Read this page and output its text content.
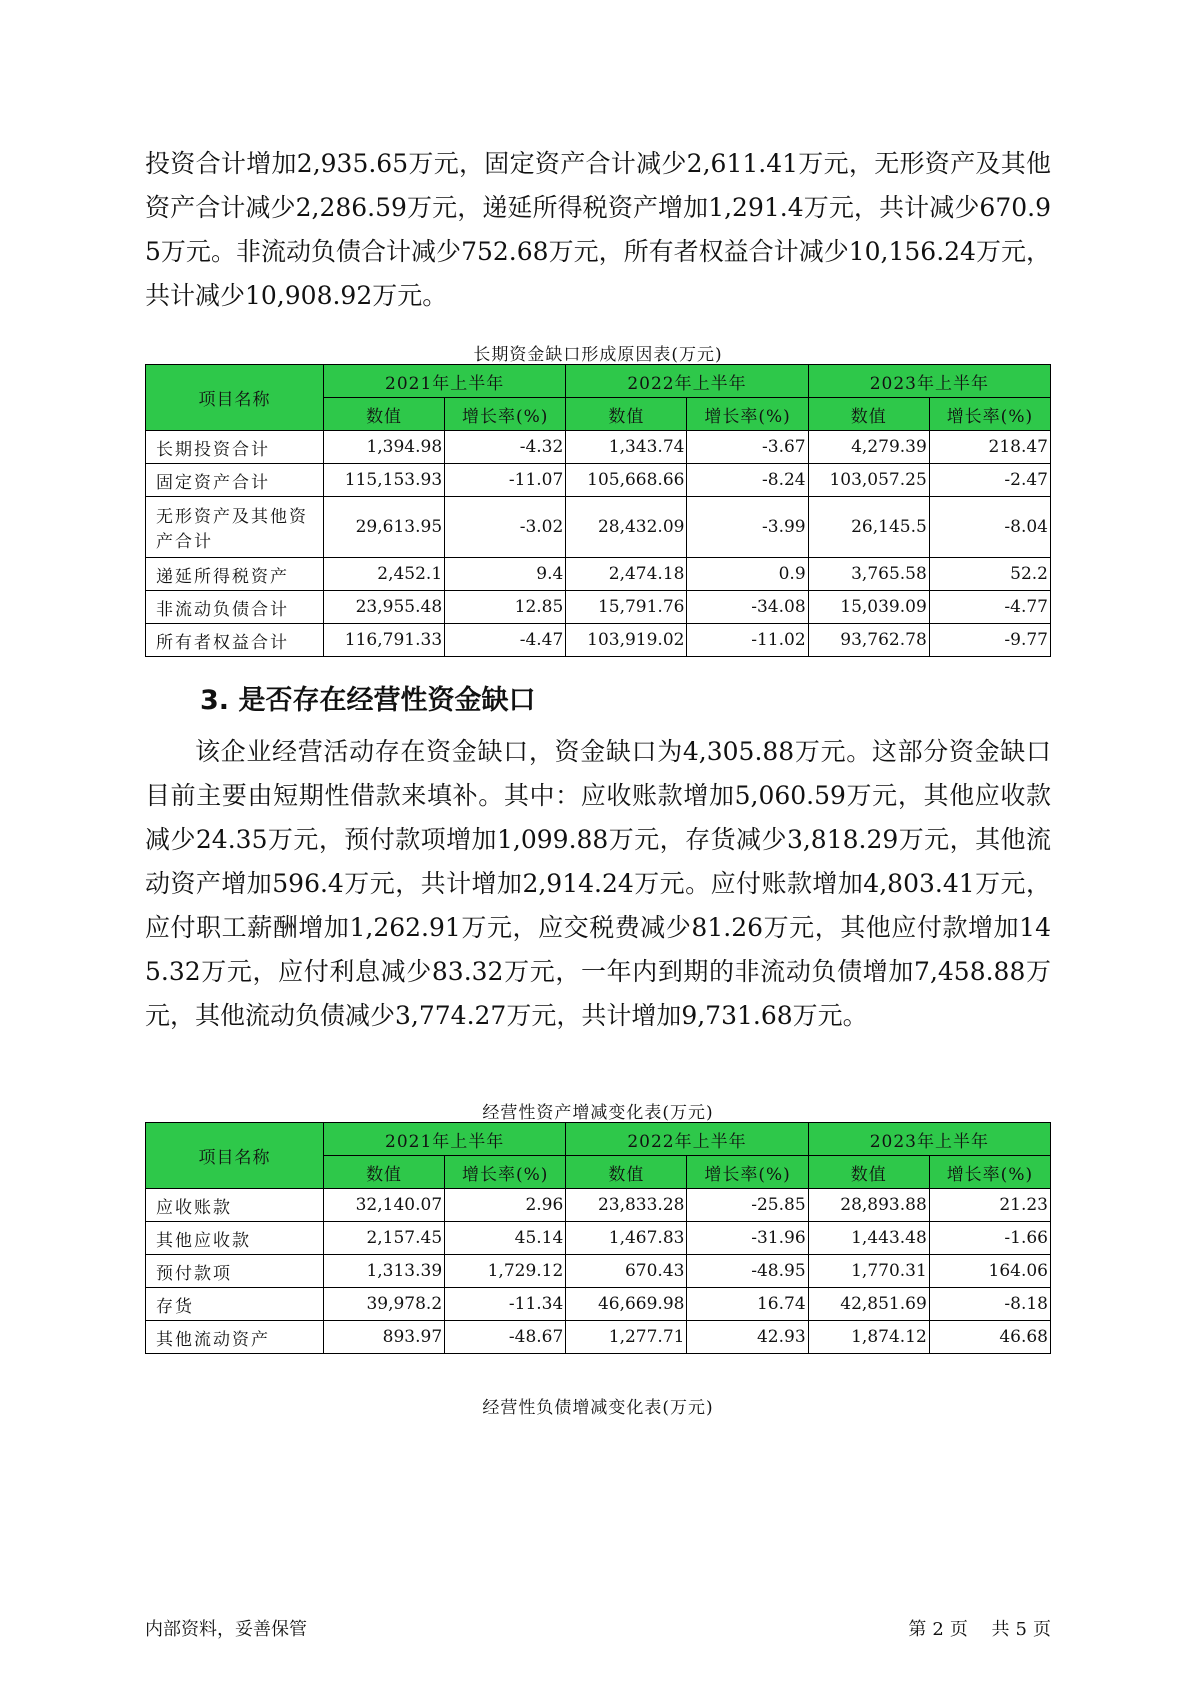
投资合计增加2,935.65万元，固定资产合计减少2,611.41万元，无形资产及其他资产合计减少2,286.59万元，递延所得税资产增加1,291.4万元，共计减少670.95万元。非流动负债合计减少752.68万元，所有者权益合计减少10,156.24万元，共计减少10,908.92万元。

长期资金缺口形成原因表(万元)
项目名称	2021年上半年		2022年上半年		2023年上半年	
	数值	增长率(%)	数值	增长率(%)	数值	增长率(%)
长期投资合计	1,394.98	-4.32	1,343.74	-3.67	4,279.39	218.47
固定资产合计	115,153.93	-11.07	105,668.66	-8.24	103,057.25	-2.47
无形资产及其他资产合计	29,613.95	-3.02	28,432.09	-3.99	26,145.5	-8.04
递延所得税资产	2,452.1	9.4	2,474.18	0.9	3,765.58	52.2
非流动负债合计	23,955.48	12.85	15,791.76	-34.08	15,039.09	-4.77
所有者权益合计	116,791.33	-4.47	103,919.02	-11.02	93,762.78	-9.77
3. 是否存在经营性资金缺口

该企业经营活动存在资金缺口，资金缺口为4,305.88万元。这部分资金缺口目前主要由短期性借款来填补。其中：应收账款增加5,060.59万元，其他应收款减少24.35万元，预付款项增加1,099.88万元，存货减少3,818.29万元，其他流动资产增加596.4万元，共计增加2,914.24万元。应付账款增加4,803.41万元，应付职工薪酬增加1,262.91万元，应交税费减少81.26万元，其他应付款增加145.32万元，应付利息减少83.32万元，一年内到期的非流动负债增加7,458.88万元，其他流动负债减少3,774.27万元，共计增加9,731.68万元。

经营性资产增减变化表(万元)
项目名称	2021年上半年		2022年上半年		2023年上半年	
	数值	增长率(%)	数值	增长率(%)	数值	增长率(%)
应收账款	32,140.07	2.96	23,833.28	-25.85	28,893.88	21.23
其他应收款	2,157.45	45.14	1,467.83	-31.96	1,443.48	-1.66
预付款项	1,313.39	1,729.12	670.43	-48.95	1,770.31	164.06
存货	39,978.2	-11.34	46,669.98	16.74	42,851.69	-8.18
其他流动资产	893.97	-48.67	1,277.71	42.93	1,874.12	46.68
经营性负债增减变化表(万元)
内部资料，妥善保管	第 2 页 共 5 页
